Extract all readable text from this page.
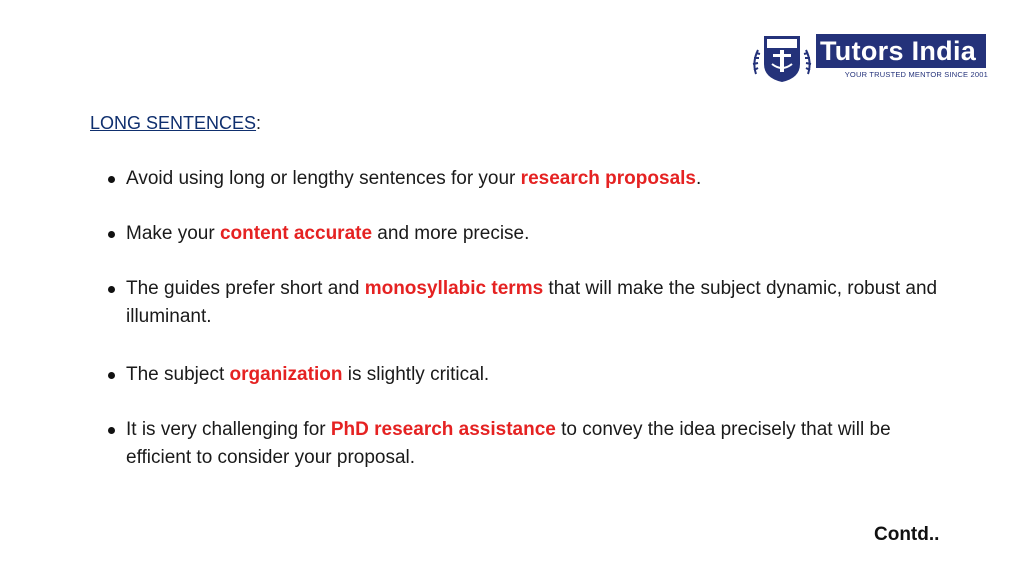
Tutors India
YOUR TRUSTED MENTOR SINCE 2001
LONG SENTENCES:
Avoid using long or lengthy sentences for your research proposals.
Make your content accurate and more precise.
The guides prefer short and monosyllabic terms that will make the subject dynamic, robust and illuminant.
The subject organization is slightly critical.
It is very challenging for PhD research assistance to convey the idea precisely that will be efficient to consider your proposal.
Contd..
